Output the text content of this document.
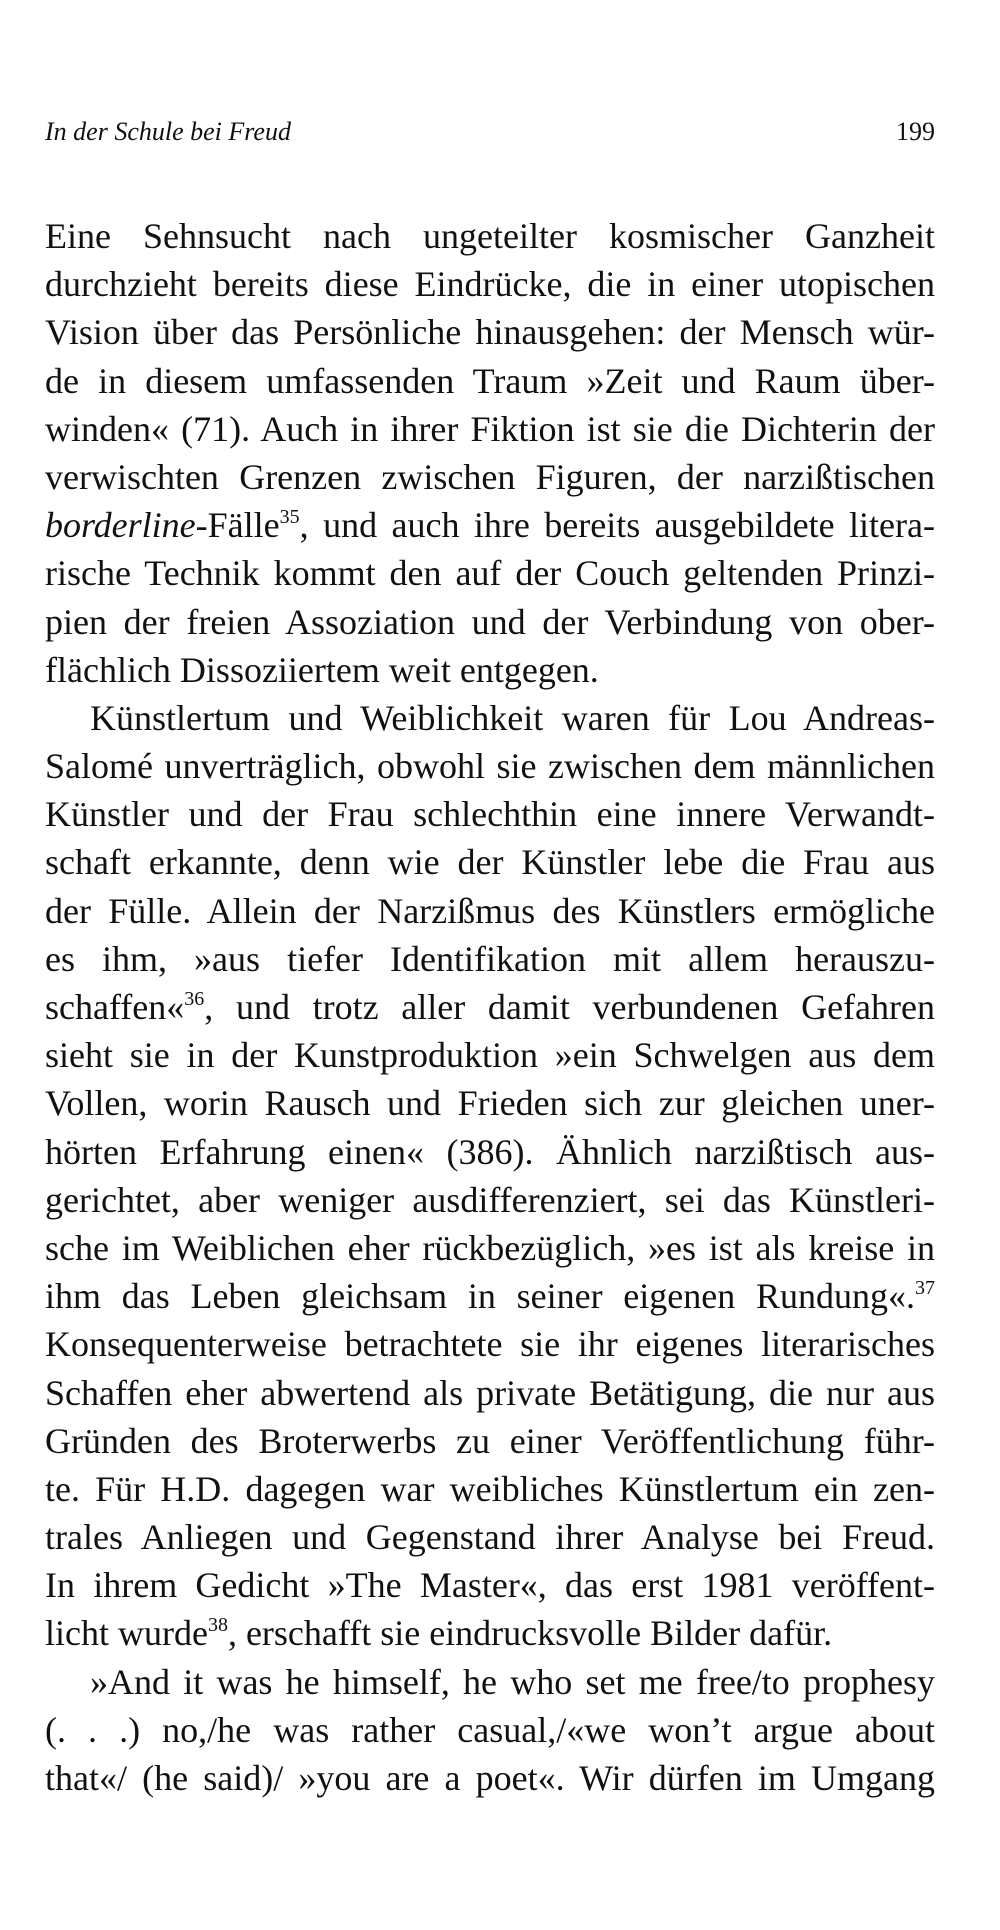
In der Schule bei Freud	199
Eine Sehnsucht nach ungeteilter kosmischer Ganzheit
durchzieht bereits diese Eindrücke, die in einer utopischen
Vision über das Persönliche hinausgehen: der Mensch wür-
de in diesem umfassenden Traum »Zeit und Raum über-
winden« (71). Auch in ihrer Fiktion ist sie die Dichterin der
verwischten Grenzen zwischen Figuren, der narzißtischen
borderline-Fälle$^{35}$, und auch ihre bereits ausgebildete litera-
rische Technik kommt den auf der Couch geltenden Prinzi-
pien der freien Assoziation und der Verbindung von ober-
flächlich Dissoziiertem weit entgegen.
Künstlertum und Weiblichkeit waren für Lou Andreas-
Salomé unverträglich, obwohl sie zwischen dem männlichen
Künstler und der Frau schlechthin eine innere Verwandt-
schaft erkannte, denn wie der Künstler lebe die Frau aus
der Fülle. Allein der Narzißmus des Künstlers ermögliche
es ihm, »aus tiefer Identifikation mit allem herauszu-
schaffen«$^{36}$, und trotz aller damit verbundenen Gefahren
sieht sie in der Kunstproduktion »ein Schwelgen aus dem
Vollen, worin Rausch und Frieden sich zur gleichen uner-
hörten Erfahrung einen« (386). Ähnlich narzißtisch aus-
gerichtet, aber weniger ausdifferenziert, sei das Künstleri-
sche im Weiblichen eher rückbezüglich, »es ist als kreise in
ihm das Leben gleichsam in seiner eigenen Rundung«.$^{37}$
Konsequenterweise betrachtete sie ihr eigenes literarisches
Schaffen eher abwertend als private Betätigung, die nur aus
Gründen des Broterwerbs zu einer Veröffentlichung führ-
te. Für H.D. dagegen war weibliches Künstlertum ein zen-
trales Anliegen und Gegenstand ihrer Analyse bei Freud.
In ihrem Gedicht »The Master«, das erst 1981 veröffent-
licht wurde$^{38}$, erschafft sie eindrucksvolle Bilder dafür.
»And it was he himself, he who set me free/to prophesy
(. . .) no,/he was rather casual,/«we won’t argue about
that«/ (he said)/ »you are a poet«. Wir dürfen im Umgang
